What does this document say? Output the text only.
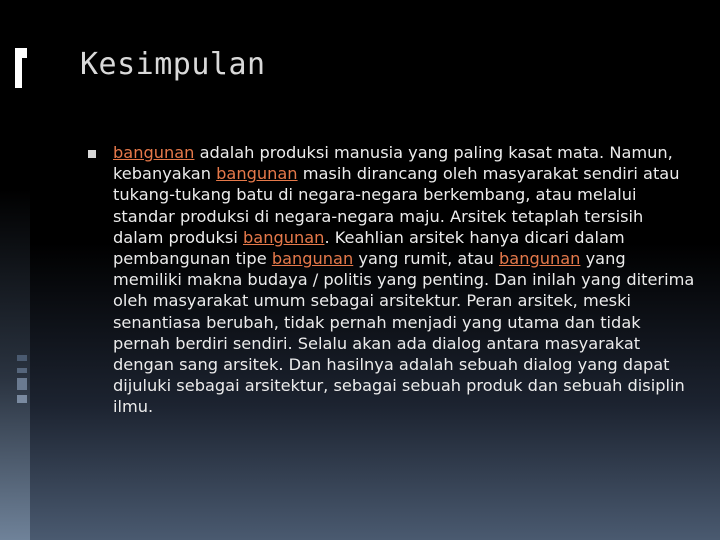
Kesimpulan

bangunan adalah produksi manusia yang paling kasat mata. Namun, kebanyakan bangunan masih dirancang oleh masyarakat sendiri atau tukang-tukang batu di negara-negara berkembang, atau melalui standar produksi di negara-negara maju. Arsitek tetaplah tersisih dalam produksi bangunan. Keahlian arsitek hanya dicari dalam pembangunan tipe bangunan yang rumit, atau bangunan yang memiliki makna budaya / politis yang penting. Dan inilah yang diterima oleh masyarakat umum sebagai arsitektur. Peran arsitek, meski senantiasa berubah, tidak pernah menjadi yang utama dan tidak pernah berdiri sendiri. Selalu akan ada dialog antara masyarakat dengan sang arsitek. Dan hasilnya adalah sebuah dialog yang dapat dijuluki sebagai arsitektur, sebagai sebuah produk dan sebuah disiplin ilmu.
